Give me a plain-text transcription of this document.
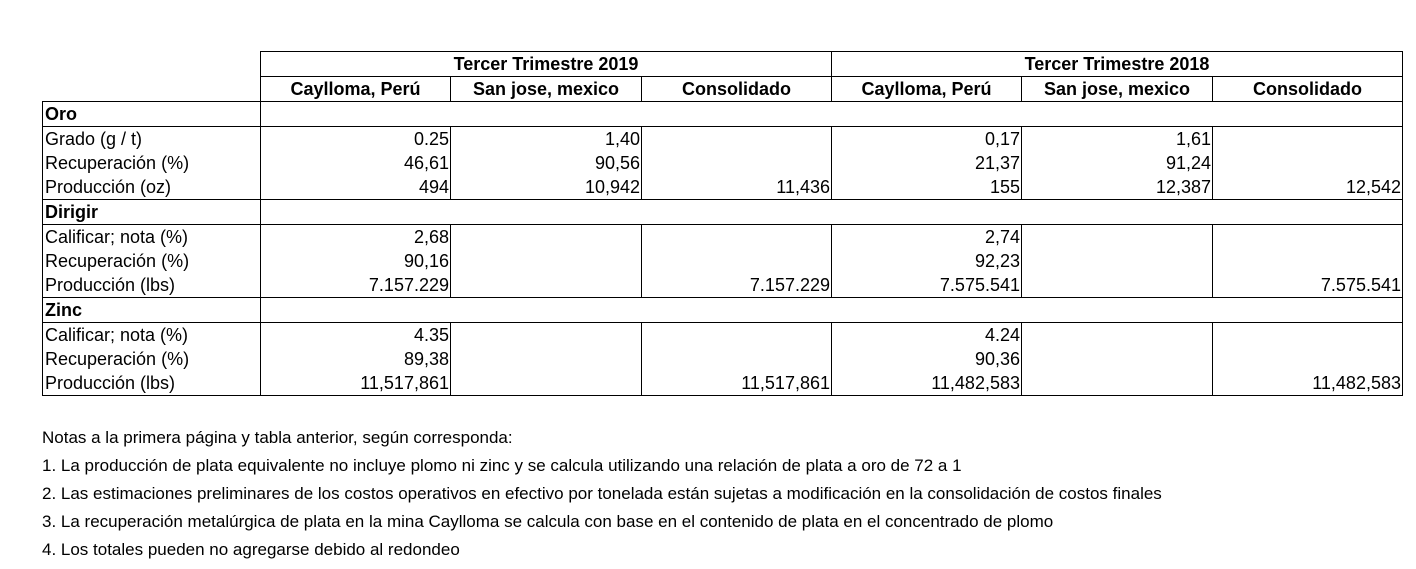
	Tercer Trimestre 2019			Tercer Trimestre 2018		
	Caylloma, Perú	San jose, mexico	Consolidado	Caylloma, Perú	San jose, mexico	Consolidado
Oro						
Grado (g / t)	0.25	1,40		0,17	1,61	
Recuperación (%)	46,61	90,56		21,37	91,24	
Producción (oz)	494	10,942	11,436	155	12,387	12,542
Dirigir						
Calificar; nota (%)	2,68			2,74		
Recuperación (%)	90,16			92,23		
Producción (lbs)	7.157.229		7.157.229	7.575.541		7.575.541
Zinc						
Calificar; nota (%)	4.35			4.24		
Recuperación (%)	89,38			90,36		
Producción (lbs)	11,517,861		11,517,861	11,482,583		11,482,583
Notas a la primera página y tabla anterior, según corresponda:
1. La producción de plata equivalente no incluye plomo ni zinc y se calcula utilizando una relación de plata a oro de 72 a 1
2. Las estimaciones preliminares de los costos operativos en efectivo por tonelada están sujetas a modificación en la consolidación de costos finales
3. La recuperación metalúrgica de plata en la mina Caylloma se calcula con base en el contenido de plata en el concentrado de plomo
4. Los totales pueden no agregarse debido al redondeo
